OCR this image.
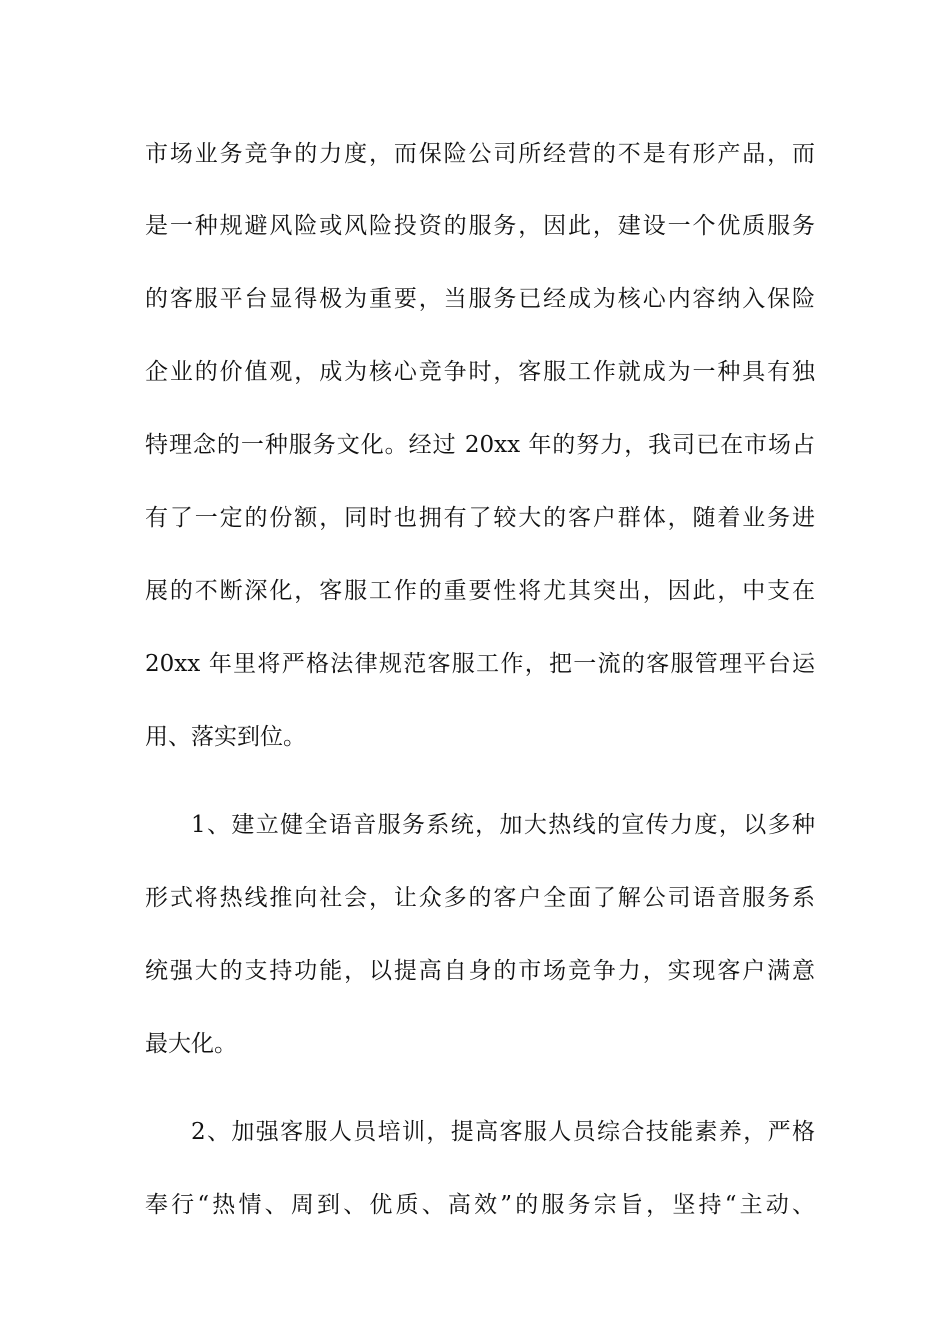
市场业务竞争的力度，而保险公司所经营的不是有形产品，而
是一种规避风险或风险投资的服务，因此，建设一个优质服务
的客服平台显得极为重要，当服务已经成为核心内容纳入保险
企业的价值观，成为核心竞争时，客服工作就成为一种具有独
特理念的一种服务文化。经过 20xx 年的努力，我司已在市场占
有了一定的份额，同时也拥有了较大的客户群体，随着业务进
展的不断深化，客服工作的重要性将尤其突出，因此，中支在
20xx 年里将严格法律规范客服工作，把一流的客服管理平台运
用、落实到位。
1、建立健全语音服务系统，加大热线的宣传力度，以多种
形式将热线推向社会，让众多的客户全面了解公司语音服务系
统强大的支持功能，以提高自身的市场竞争力，实现客户满意
最大化。
2、加强客服人员培训，提高客服人员综合技能素养，严格
奉行“热情、周到、优质、高效”的服务宗旨，坚持“主动、
